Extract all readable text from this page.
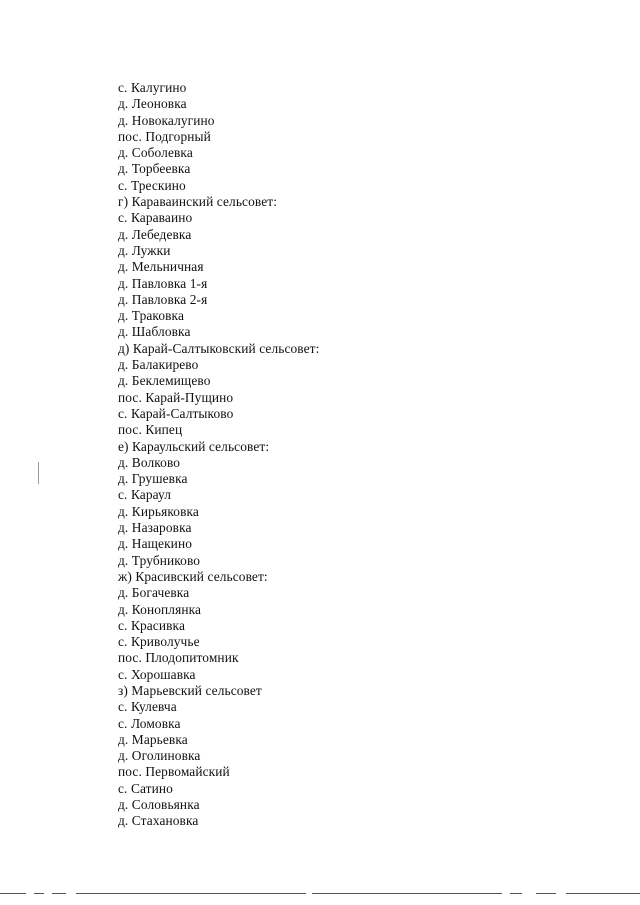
с. Калугино
д. Леоновка
д. Новокалугино
пос. Подгорный
д. Соболевка
д. Торбеевка
с. Трескино
г) Караваинский сельсовет:
с. Караваино
д. Лебедевка
д. Лужки
д. Мельничная
д. Павловка 1-я
д. Павловка 2-я
д. Траковка
д. Шабловка
д) Карай-Салтыковский сельсовет:
д. Балакирево
д. Беклемищево
пос. Карай-Пущино
с. Карай-Салтыково
пос. Кипец
е) Караульский сельсовет:
д. Волково
д. Грушевка
с. Караул
д. Кирьяковка
д. Назаровка
д. Нащекино
д. Трубниково
ж) Красивский сельсовет:
д. Богачевка
д. Коноплянка
с. Красивка
с. Криволучье
пос. Плодопитомник
с. Хорошавка
з) Марьевский сельсовет
с. Кулевча
с. Ломовка
д. Марьевка
д. Оголиновка
пос. Первомайский
с. Сатино
д. Соловьянка
д. Стахановка
